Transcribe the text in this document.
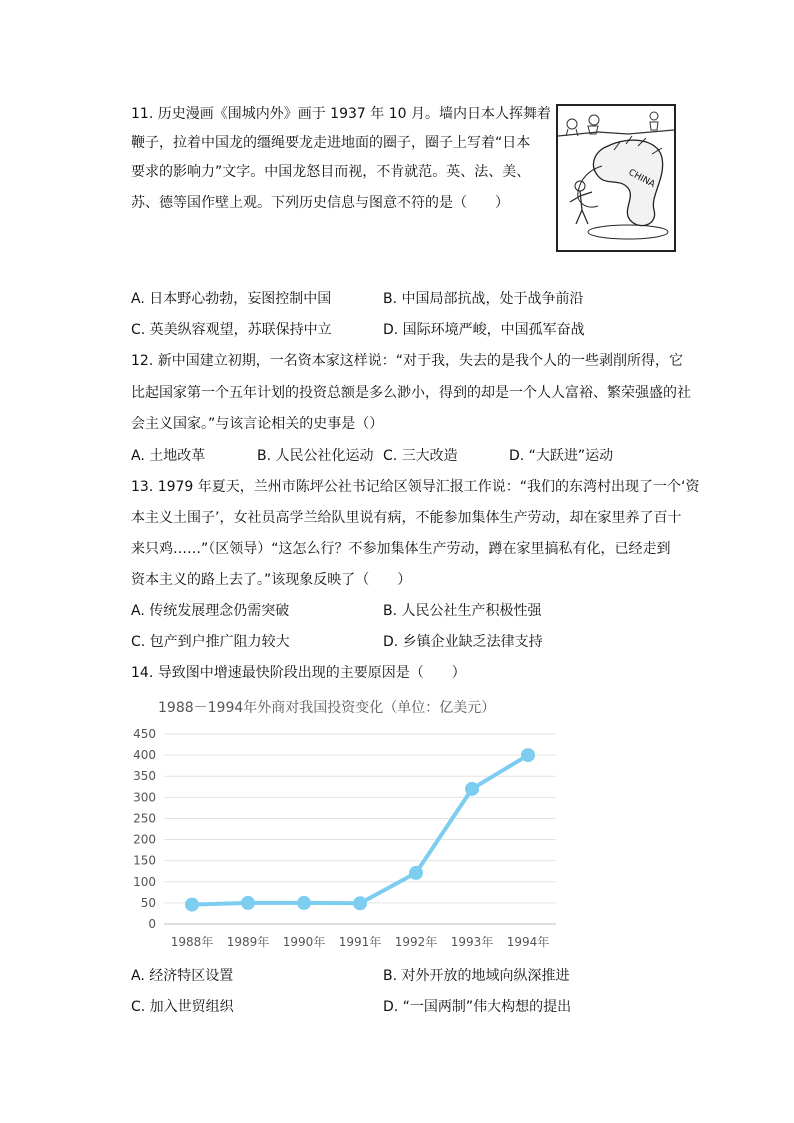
11. 历史漫画《围城内外》画于 1937 年 10 月。墙内日本人挥舞着
鞭子，拉着中国龙的缰绳要龙走进地面的圈子，圈子上写着“日本
要求的影响力”文字。中国龙怒目而视，不肯就范。英、法、美、
苏、德等国作壁上观。下列历史信息与图意不符的是（　　）
CHINA
A. 日本野心勃勃，妄图控制中国	B. 中国局部抗战，处于战争前沿
C. 英美纵容观望，苏联保持中立	D. 国际环境严峻，中国孤军奋战
12. 新中国建立初期，一名资本家这样说：“对于我，失去的是我个人的一些剥削所得，它
比起国家第一个五年计划的投资总额是多么渺小，得到的却是一个人人富裕、繁荣强盛的社
会主义国家。”与该言论相关的史事是（）
A. 土地改革	B. 人民公社化运动 C. 三大改造	D. “大跃进”运动
13. 1979 年夏天，兰州市陈坪公社书记给区领导汇报工作说：“我们的东湾村出现了一个‘资
本主义土围子’，女社员高学兰给队里说有病，不能参加集体生产劳动，却在家里养了百十
来只鸡……”（区领导）“这怎么行？不参加集体生产劳动，蹲在家里搞私有化，已经走到
资本主义的路上去了。”该现象反映了（　　）
A. 传统发展理念仍需突破	B. 人民公社生产积极性强
C. 包产到户推广阻力较大	D. 乡镇企业缺乏法律支持
14. 导致图中增速最快阶段出现的主要原因是（　　）
1988－1994年外商对我国投资变化（单位：亿美元）
0
50
100
150
200
250
300
350
400
450
1988年 1989年 1990年 1991年 1992年 1993年 1994年
A. 经济特区设置	B. 对外开放的地域向纵深推进
C. 加入世贸组织	D. “一国两制”伟大构想的提出
